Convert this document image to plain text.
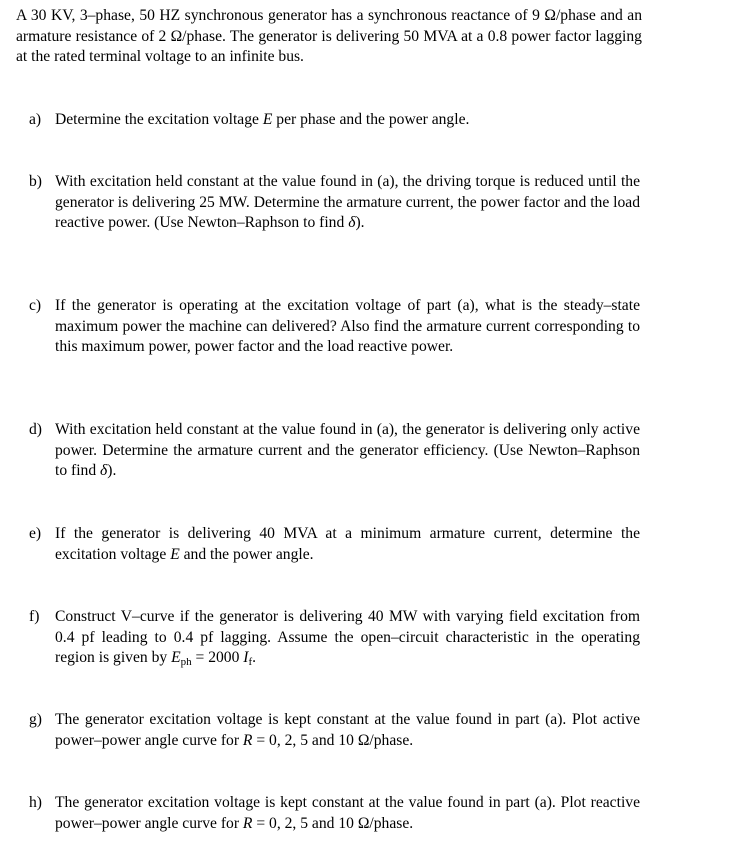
A 30 KV, 3–phase, 50 HZ synchronous generator has a synchronous reactance of 9 Ω/phase and an armature resistance of 2 Ω/phase. The generator is delivering 50 MVA at a 0.8 power factor lagging at the rated terminal voltage to an infinite bus.

a) Determine the excitation voltage E per phase and the power angle.
b) With excitation held constant at the value found in (a), the driving torque is reduced until the generator is delivering 25 MW. Determine the armature current, the power factor and the load reactive power. (Use Newton–Raphson to find δ).
c) If the generator is operating at the excitation voltage of part (a), what is the steady–state maximum power the machine can delivered? Also find the armature current corresponding to this maximum power, power factor and the load reactive power.
d) With excitation held constant at the value found in (a), the generator is delivering only active power. Determine the armature current and the generator efficiency. (Use Newton–Raphson to find δ).
e) If the generator is delivering 40 MVA at a minimum armature current, determine the excitation voltage E and the power angle.
f)	Construct V–curve if the generator is delivering 40 MW with varying field excitation from 0.4 pf leading to 0.4 pf lagging. Assume the open–circuit characteristic in the operating region is given by $E_{ph} = 2000$ $I_f$.
g) The generator excitation voltage is kept constant at the value found in part (a). Plot active power–power angle curve for R = 0, 2, 5 and 10 Ω/phase.
h) The generator excitation voltage is kept constant at the value found in part (a). Plot reactive power–power angle curve for R = 0, 2, 5 and 10 Ω/phase.
